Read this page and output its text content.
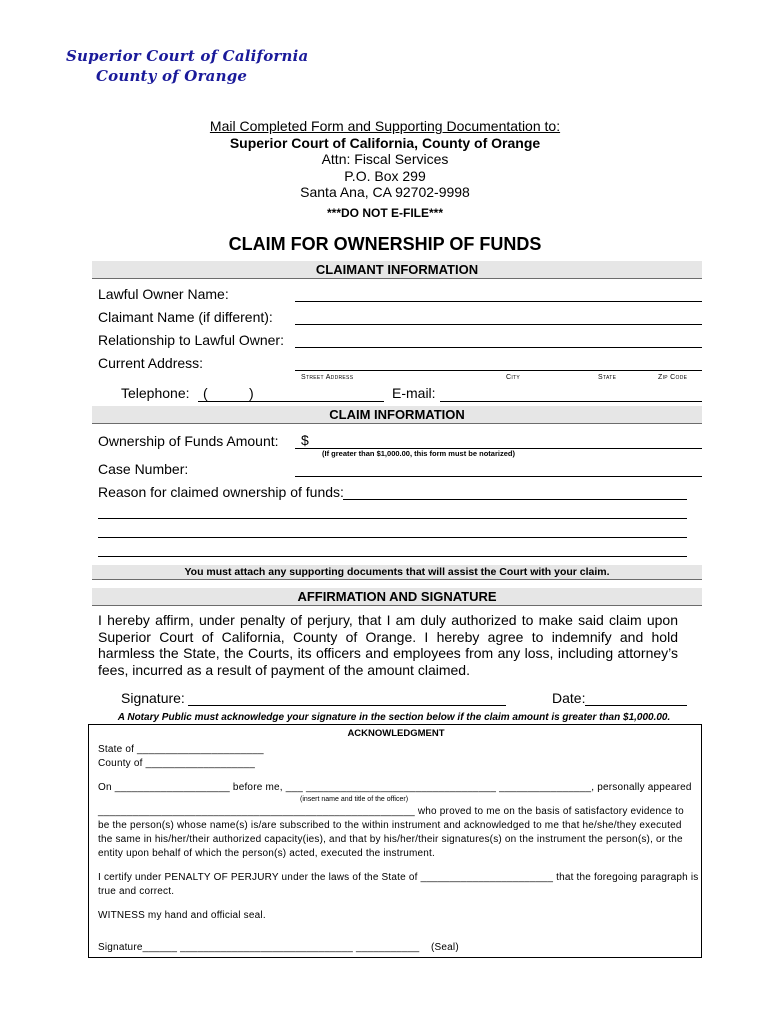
Superior Court of California
County of Orange
Mail Completed Form and Supporting Documentation to:
Superior Court of California, County of Orange
Attn: Fiscal Services
P.O. Box 299
Santa Ana, CA 92702-9998
***DO NOT E-FILE***
CLAIM FOR OWNERSHIP OF FUNDS
CLAIMANT INFORMATION
Lawful Owner Name:
Claimant Name (if different):
Relationship to Lawful Owner:
Current Address:
Street Address	City	State	Zip Code
Telephone: (	)	E-mail:
CLAIM INFORMATION
Ownership of Funds Amount: $
(If greater than $1,000.00, this form must be notarized)
Case Number:
Reason for claimed ownership of funds:
You must attach any supporting documents that will assist the Court with your claim.
AFFIRMATION AND SIGNATURE
I hereby affirm, under penalty of perjury, that I am duly authorized to make said claim upon Superior Court of California, County of Orange. I hereby agree to indemnify and hold harmless the State, the Courts, its officers and employees from any loss, including attorney’s fees, incurred as a result of payment of the amount claimed.
Signature:	Date:
A Notary Public must acknowledge your signature in the section below if the claim amount is greater than $1,000.00.
ACKNOWLEDGMENT
State of ______________________
County of ___________________
On ____________________ before me, ___ _________________________________ ________________, personally appeared
(insert name and title of the officer)
_______________________________________________________ who proved to me on the basis of satisfactory evidence to
be the person(s) whose name(s) is/are subscribed to the within instrument and acknowledged to me that he/she/they executed
the same in his/her/their authorized capacity(ies), and that by his/her/their signatures(s) on the instrument the person(s), or the
entity upon behalf of which the person(s) acted, executed the instrument.
I certify under PENALTY OF PERJURY under the laws of the State of _______________________ that the foregoing paragraph is
true and correct.
WITNESS my hand and official seal.
Signature______ ______________________________ ___________ (Seal)
